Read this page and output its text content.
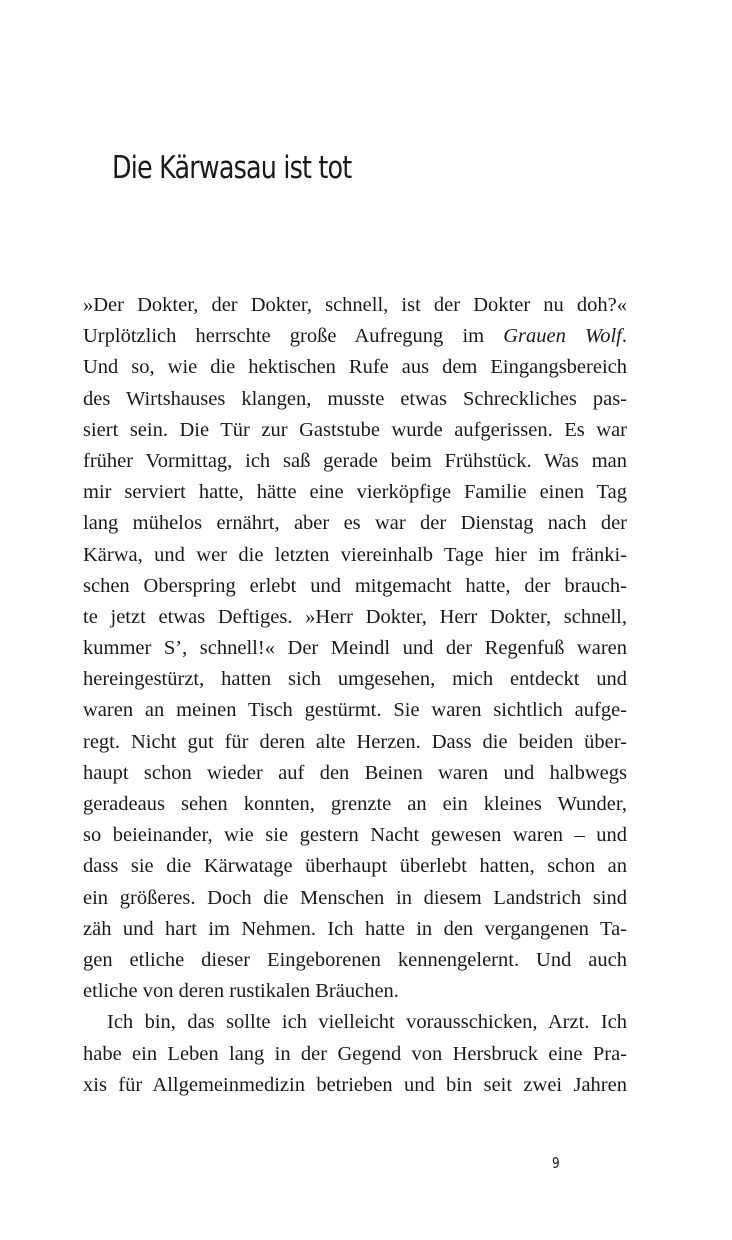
Die Kärwasau ist tot
»Der Dokter, der Dokter, schnell, ist der Dokter nu doh?«
Urplötzlich herrschte große Aufregung im Grauen Wolf.
Und so, wie die hektischen Rufe aus dem Eingangsbereich
des Wirtshauses klangen, musste etwas Schreckliches pas-
siert sein. Die Tür zur Gaststube wurde aufgerissen. Es war
früher Vormittag, ich saß gerade beim Frühstück. Was man
mir serviert hatte, hätte eine vierköpfige Familie einen Tag
lang mühelos ernährt, aber es war der Dienstag nach der
Kärwa, und wer die letzten viereinhalb Tage hier im fränki-
schen Oberspring erlebt und mitgemacht hatte, der brauch-
te jetzt etwas Deftiges. »Herr Dokter, Herr Dokter, schnell,
kummer S’, schnell!« Der Meindl und der Regenfuß waren
hereingestürzt, hatten sich umgesehen, mich entdeckt und
waren an meinen Tisch gestürmt. Sie waren sichtlich aufge-
regt. Nicht gut für deren alte Herzen. Dass die beiden über-
haupt schon wieder auf den Beinen waren und halbwegs
geradeaus sehen konnten, grenzte an ein kleines Wunder,
so beieinander, wie sie gestern Nacht gewesen waren – und
dass sie die Kärwatage überhaupt überlebt hatten, schon an
ein größeres. Doch die Menschen in diesem Landstrich sind
zäh und hart im Nehmen. Ich hatte in den vergangenen Ta-
gen etliche dieser Eingeborenen kennengelernt. Und auch
etliche von deren rustikalen Bräuchen.
Ich bin, das sollte ich vielleicht vorausschicken, Arzt. Ich
habe ein Leben lang in der Gegend von Hersbruck eine Pra-
xis für Allgemeinmedizin betrieben und bin seit zwei Jahren
9
